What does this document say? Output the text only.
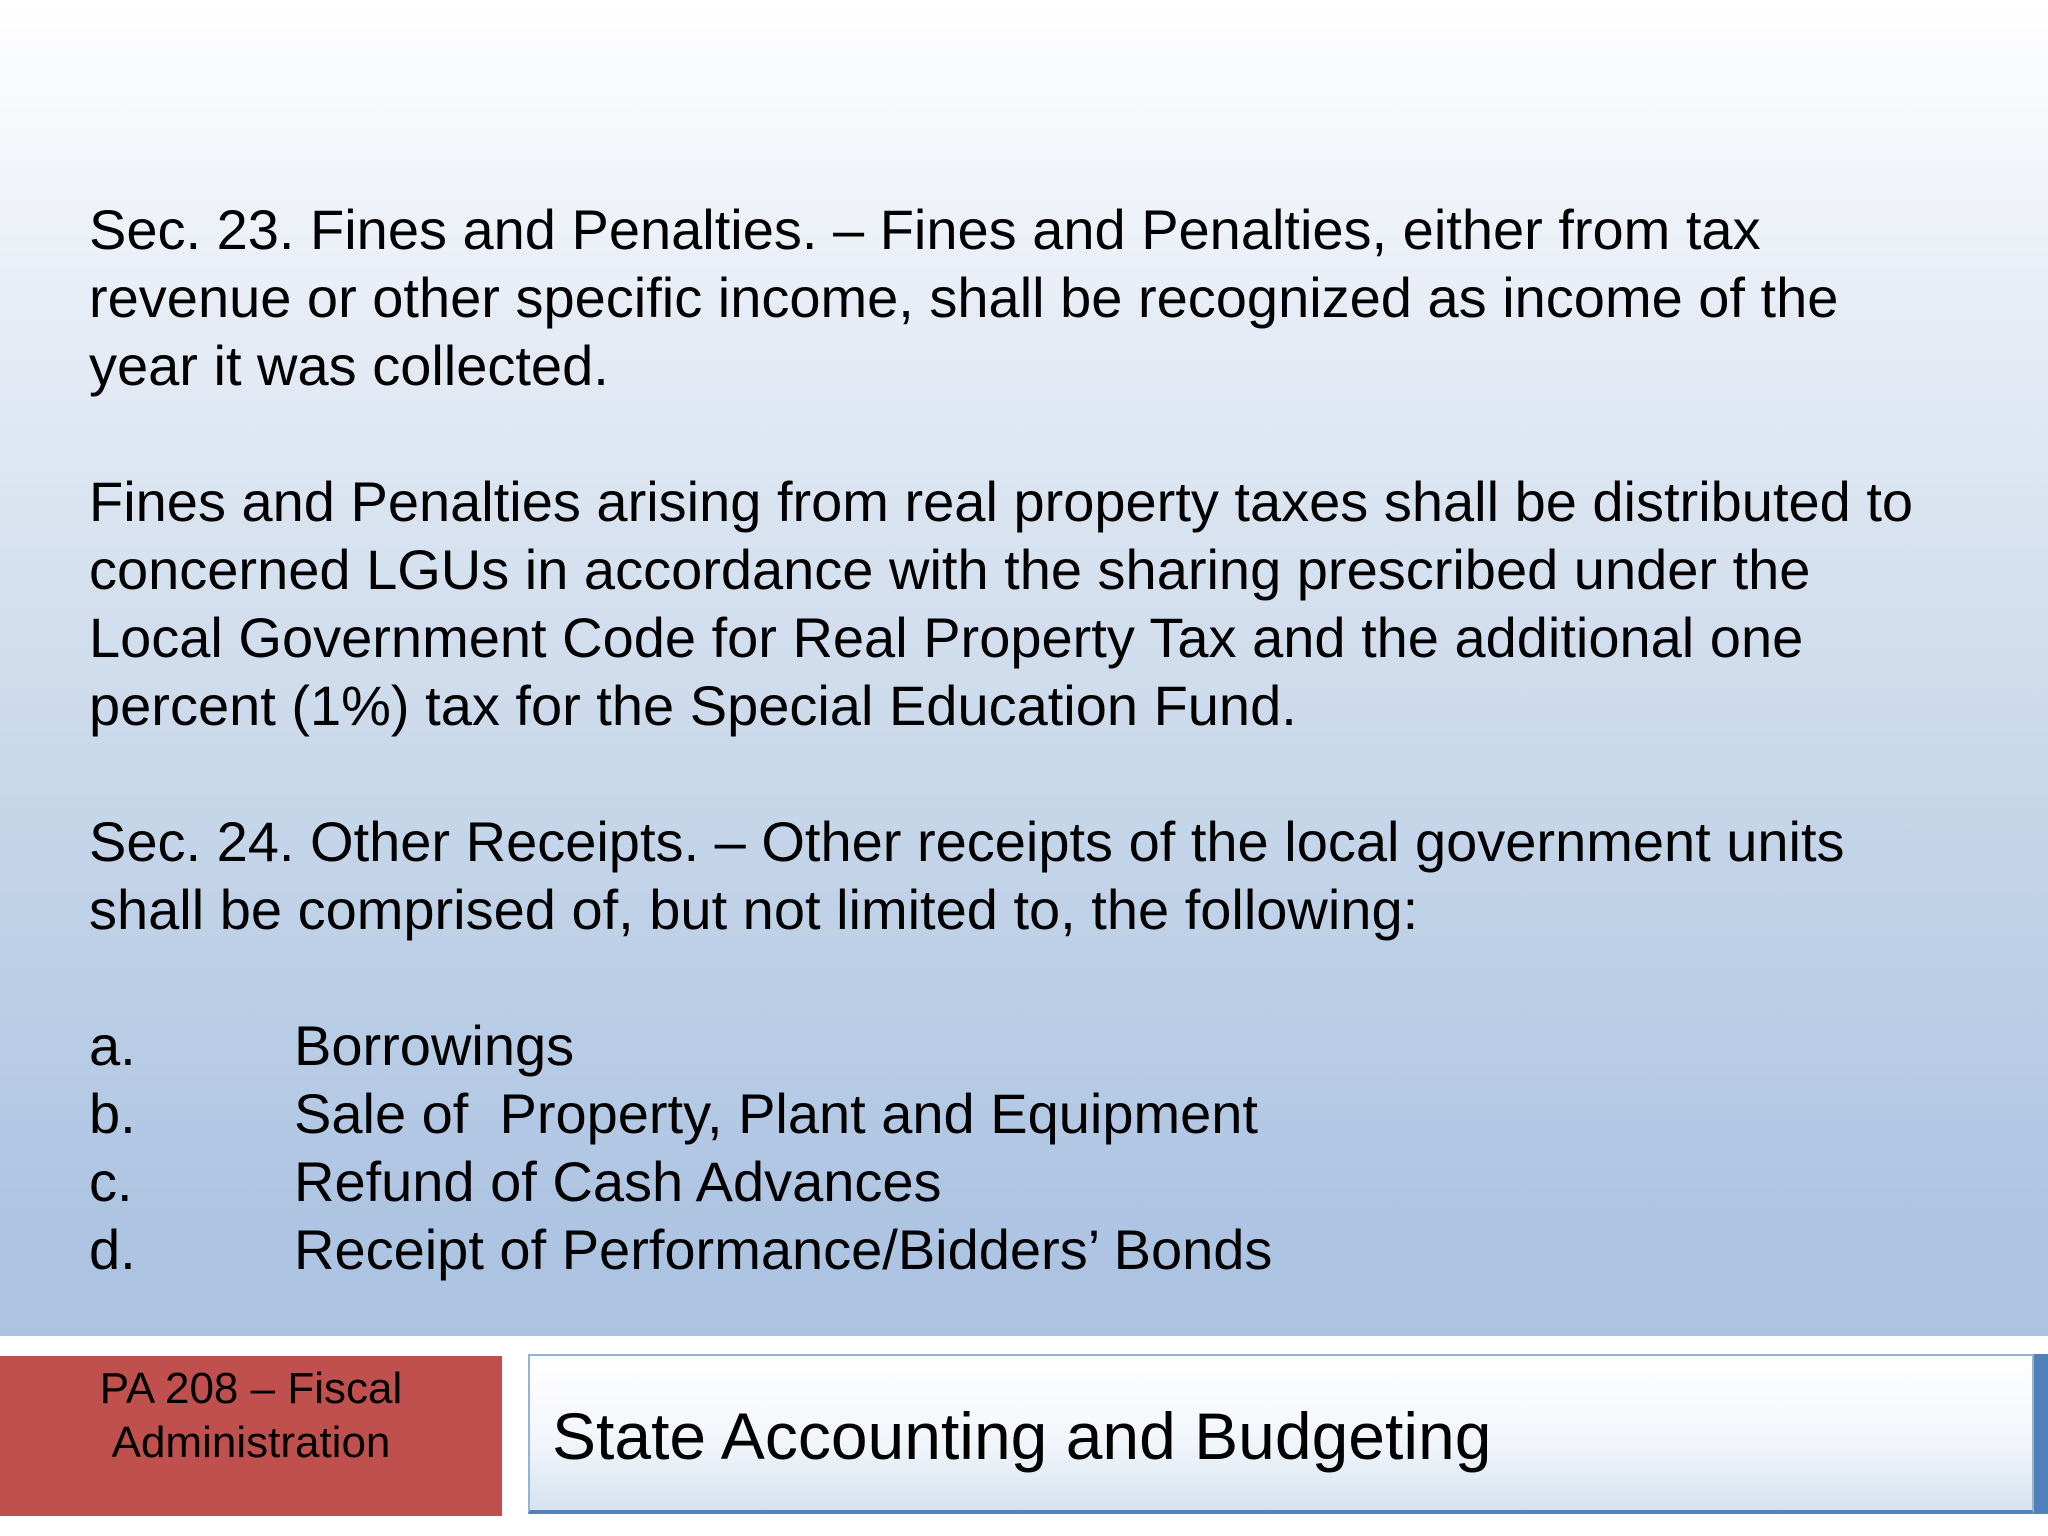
Sec. 23. Fines and Penalties. – Fines and Penalties, either from tax

revenue or other specific income, shall be recognized as income of the

year it was collected.

Fines and Penalties arising from real property taxes shall be distributed to

concerned LGUs in accordance with the sharing prescribed under the

Local Government Code for Real Property Tax and the additional one

percent (1%) tax for the Special Education Fund.

Sec. 24. Other Receipts. – Other receipts of the local government units

shall be comprised of, but not limited to, the following:

a.	Borrowings
b.	Sale of  Property, Plant and Equipment
c.	Refund of Cash Advances
d.	Receipt of Performance/Bidders’ Bonds
PA 208 – Fiscal
Administration	State Accounting and Budgeting
